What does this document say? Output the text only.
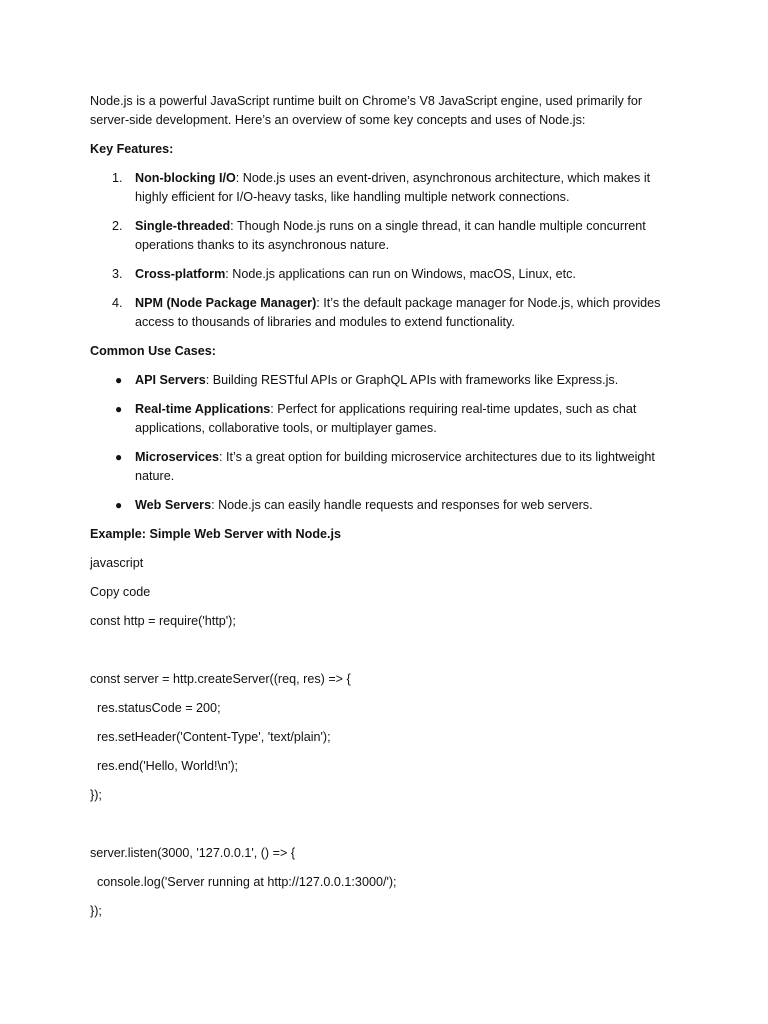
Node.js is a powerful JavaScript runtime built on Chrome’s V8 JavaScript engine, used primarily for server-side development. Here’s an overview of some key concepts and uses of Node.js:

Key Features:

1. Non-blocking I/O: Node.js uses an event-driven, asynchronous architecture, which makes it highly efficient for I/O-heavy tasks, like handling multiple network connections.
2. Single-threaded: Though Node.js runs on a single thread, it can handle multiple concurrent operations thanks to its asynchronous nature.
3. Cross-platform: Node.js applications can run on Windows, macOS, Linux, etc.
4. NPM (Node Package Manager): It’s the default package manager for Node.js, which provides access to thousands of libraries and modules to extend functionality.

Common Use Cases:

● API Servers: Building RESTful APIs or GraphQL APIs with frameworks like Express.js.
● Real-time Applications: Perfect for applications requiring real-time updates, such as chat applications, collaborative tools, or multiplayer games.
● Microservices: It’s a great option for building microservice architectures due to its lightweight nature.
● Web Servers: Node.js can easily handle requests and responses for web servers.

Example: Simple Web Server with Node.js

javascript

Copy code

const http = require('http');

const server = http.createServer((req, res) => {

res.statusCode = 200;

res.setHeader('Content-Type', 'text/plain');

res.end('Hello, World!\n');

});

server.listen(3000, '127.0.0.1', () => {

console.log('Server running at http://127.0.0.1:3000/');

});
